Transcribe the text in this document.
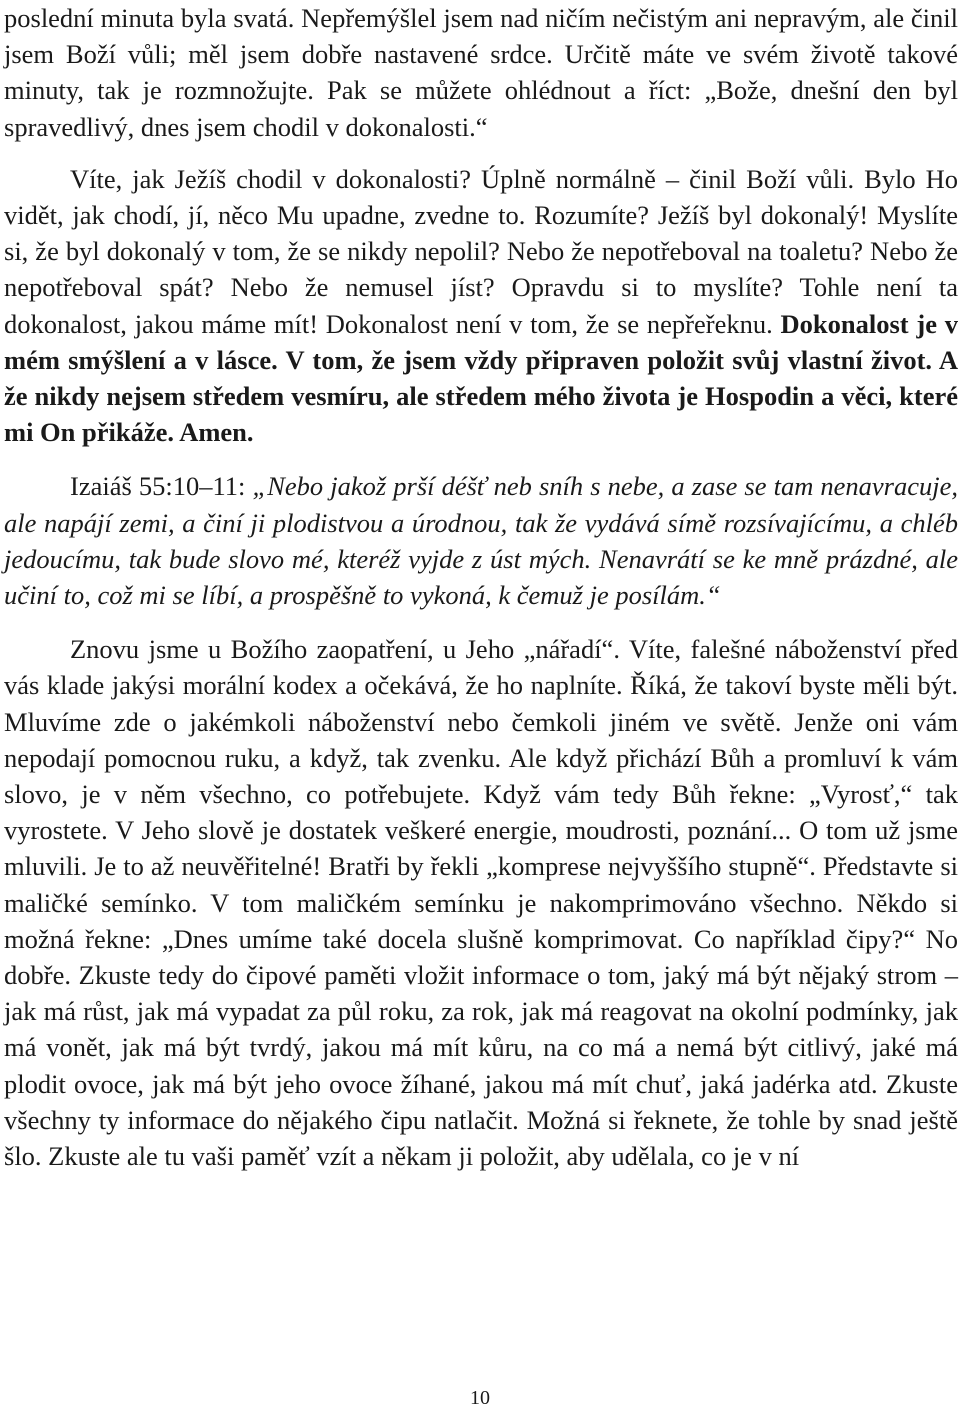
poslední minuta byla svatá. Nepřemýšlel jsem nad ničím nečistým ani nepravým, ale činil jsem Boží vůli; měl jsem dobře nastavené srdce. Určitě máte ve svém životě takové minuty, tak je rozmnožujte. Pak se můžete ohlédnout a říct: „Bože, dnešní den byl spravedlivý, dnes jsem chodil v dokonalosti.“

Víte, jak Ježíš chodil v dokonalosti? Úplně normálně – činil Boží vůli. Bylo Ho vidět, jak chodí, jí, něco Mu upadne, zvedne to. Rozumíte? Ježíš byl dokonalý! Myslíte si, že byl dokonalý v tom, že se nikdy nepolil? Nebo že nepotřeboval na toaletu? Nebo že nepotřeboval spát? Nebo že nemusel jíst? Opravdu si to myslíte? Tohle není ta dokonalost, jakou máme mít! Dokonalost není v tom, že se nepřeřeknu. Dokonalost je v mém smýšlení a v lásce. V tom, že jsem vždy připraven položit svůj vlastní život. A že nikdy nejsem středem vesmíru, ale středem mého života je Hospodin a věci, které mi On přikáže. Amen.

Izaiáš 55:10–11: „Nebo jakož prší déšť neb sníh s nebe, a zase se tam nenavracuje, ale napájí zemi, a činí ji plodistvou a úrodnou, tak že vydává símě rozsívajícímu, a chléb jedoucímu, tak bude slovo mé, kteréž vyjde z úst mých. Nenavrátí se ke mně prázdné, ale učiní to, což mi se líbí, a prospěšně to vykoná, k čemuž je posílám.“

Znovu jsme u Božího zaopatření, u Jeho „nářadí“. Víte, falešné náboženství před vás klade jakýsi morální kodex a očekává, že ho naplníte. Říká, že takoví byste měli být. Mluvíme zde o jakémkoli náboženství nebo čemkoli jiném ve světě. Jenže oni vám nepodají pomocnou ruku, a když, tak zvenku. Ale když přichází Bůh a promluví k vám slovo, je v něm všechno, co potřebujete. Když vám tedy Bůh řekne: „Vyrosť,“ tak vyrostete. V Jeho slově je dostatek veškeré energie, moudrosti, poznání... O tom už jsme mluvili. Je to až neuvěřitelné! Bratři by řekli „komprese nejvyššího stupně“. Představte si maličké semínko. V tom maličkém semínku je nakomprimováno všechno. Někdo si možná řekne: „Dnes umíme také docela slušně komprimovat. Co například čipy?“ No dobře. Zkuste tedy do čipové paměti vložit informace o tom, jaký má být nějaký strom – jak má růst, jak má vypadat za půl roku, za rok, jak má reagovat na okolní podmínky, jak má vonět, jak má být tvrdý, jakou má mít kůru, na co má a nemá být citlivý, jaké má plodit ovoce, jak má být jeho ovoce žíhané, jakou má mít chuť, jaká jadérka atd. Zkuste všechny ty informace do nějakého čipu natlačit. Možná si řeknete, že tohle by snad ještě šlo. Zkuste ale tu vaši paměť vzít a někam ji položit, aby udělala, co je v ní

10
